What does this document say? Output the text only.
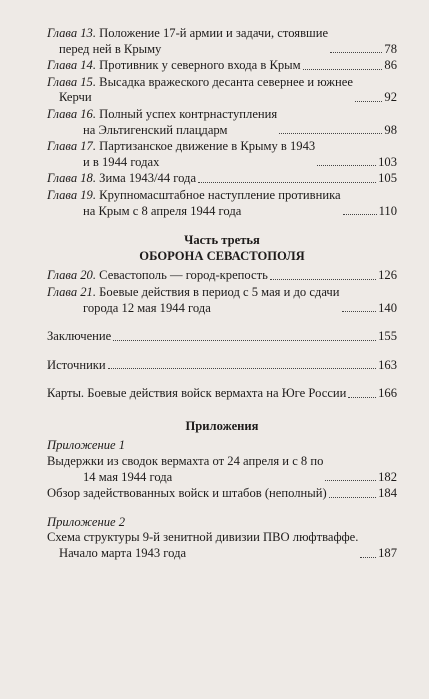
Глава 13. Положение 17-й армии и задачи, стоявшие
перед ней в Крыму	78
Глава 14. Противник у северного входа в Крым	86
Глава 15. Высадка вражеского десанта севернее и южнее
Керчи	92
Глава 16. Полный успех контрнаступления
на Эльтигенский плацдарм	98
Глава 17. Партизанское движение в Крыму в 1943
и в 1944 годах	103
Глава 18. Зима 1943/44 года	105
Глава 19. Крупномасштабное наступление противника
на Крым с 8 апреля 1944 года	110

Часть третья

ОБОРОНА СЕВАСТОПОЛЯ

Глава 20. Севастополь — город-крепость	126
Глава 21. Боевые действия в период с 5 мая и до сдачи
города 12 мая 1944 года	140
Заключение	155
Источники	163
Карты. Боевые действия войск вермахта на Юге России	166

Приложения

Приложение 1
Выдержки из сводок вермахта от 24 апреля и с 8 по
14 мая 1944 года	182
Обзор задействованных войск и штабов (неполный)	184
Приложение 2
Схема структуры 9-й зенитной дивизии ПВО люфтваффе.
Начало марта 1943 года	187
